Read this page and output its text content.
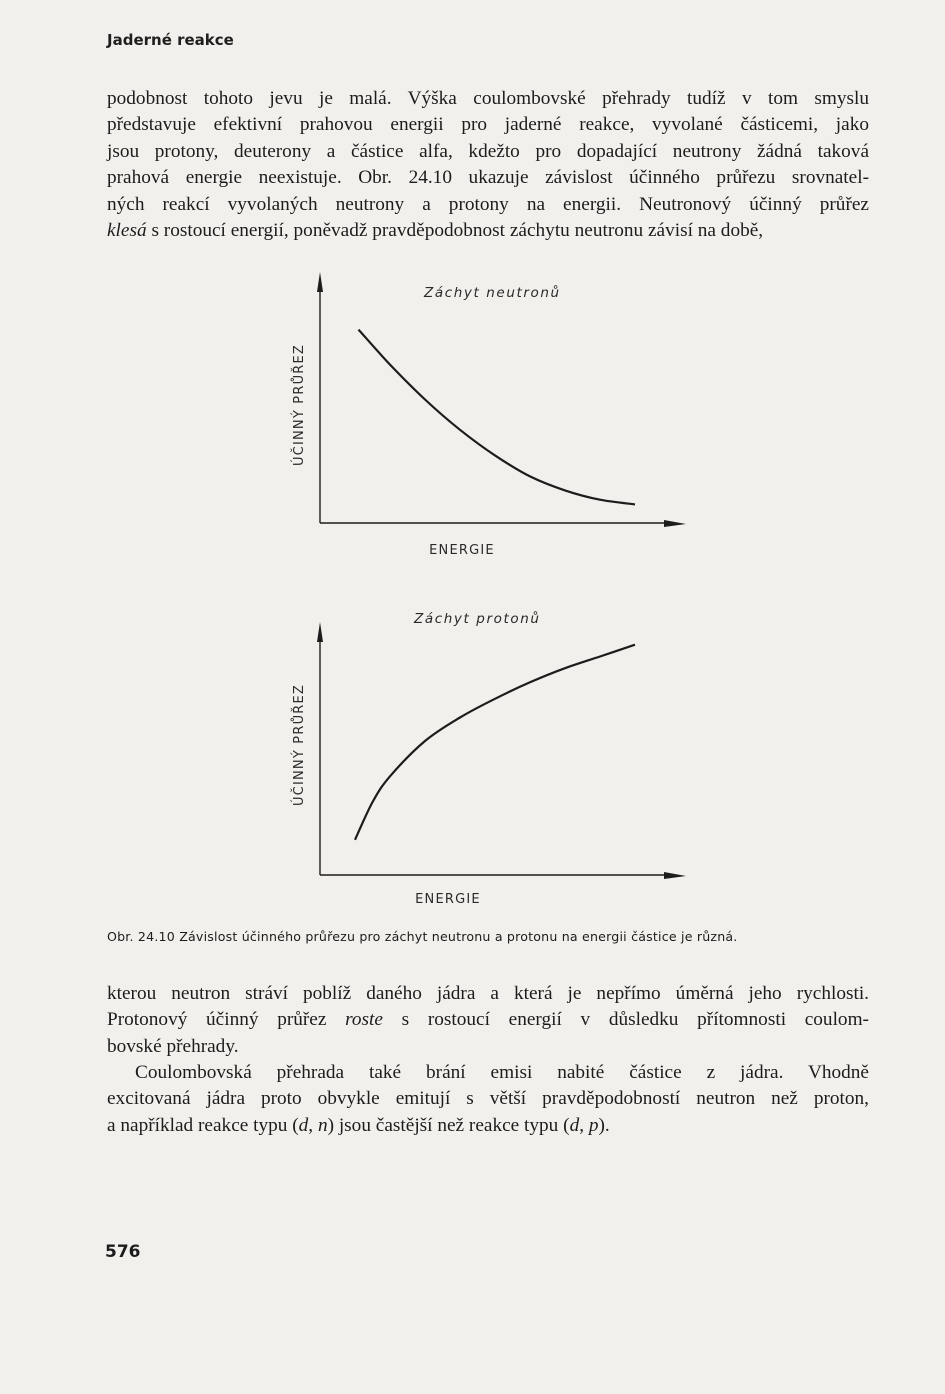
Jaderné reakce

podobnost tohoto jevu je malá. Výška coulombovské přehrady tudíž v tom smyslu
představuje efektivní prahovou energii pro jaderné reakce, vyvolané částicemi, jako
jsou protony, deuterony a částice alfa, kdežto pro dopadající neutrony žádná taková
prahová energie neexistuje. Obr. 24.10 ukazuje závislost účinného průřezu srovnatel-
ných reakcí vyvolaných neutrony a protony na energii. Neutronový účinný průřez
klesá s rostoucí energií, poněvadž pravděpodobnost záchytu neutronu závisí na době,

Záchyt neutronů
ÚČINNÝ PRŮŘEZ
ENERGIE
Záchyt protonů
ÚČINNÝ PRŮŘEZ
ENERGIE
Obr. 24.10 Závislost účinného průřezu pro záchyt neutronu a protonu na energii částice je různá.

kterou neutron stráví poblíž daného jádra a která je nepřímo úměrná jeho rychlosti.
Protonový účinný průřez roste s rostoucí energií v důsledku přítomnosti coulom-
bovské přehrady.

Coulombovská přehrada také brání emisi nabité částice z jádra. Vhodně
excitovaná jádra proto obvykle emitují s větší pravděpodobností neutron než proton,
a například reakce typu (d, n) jsou častější než reakce typu (d, p).

576
